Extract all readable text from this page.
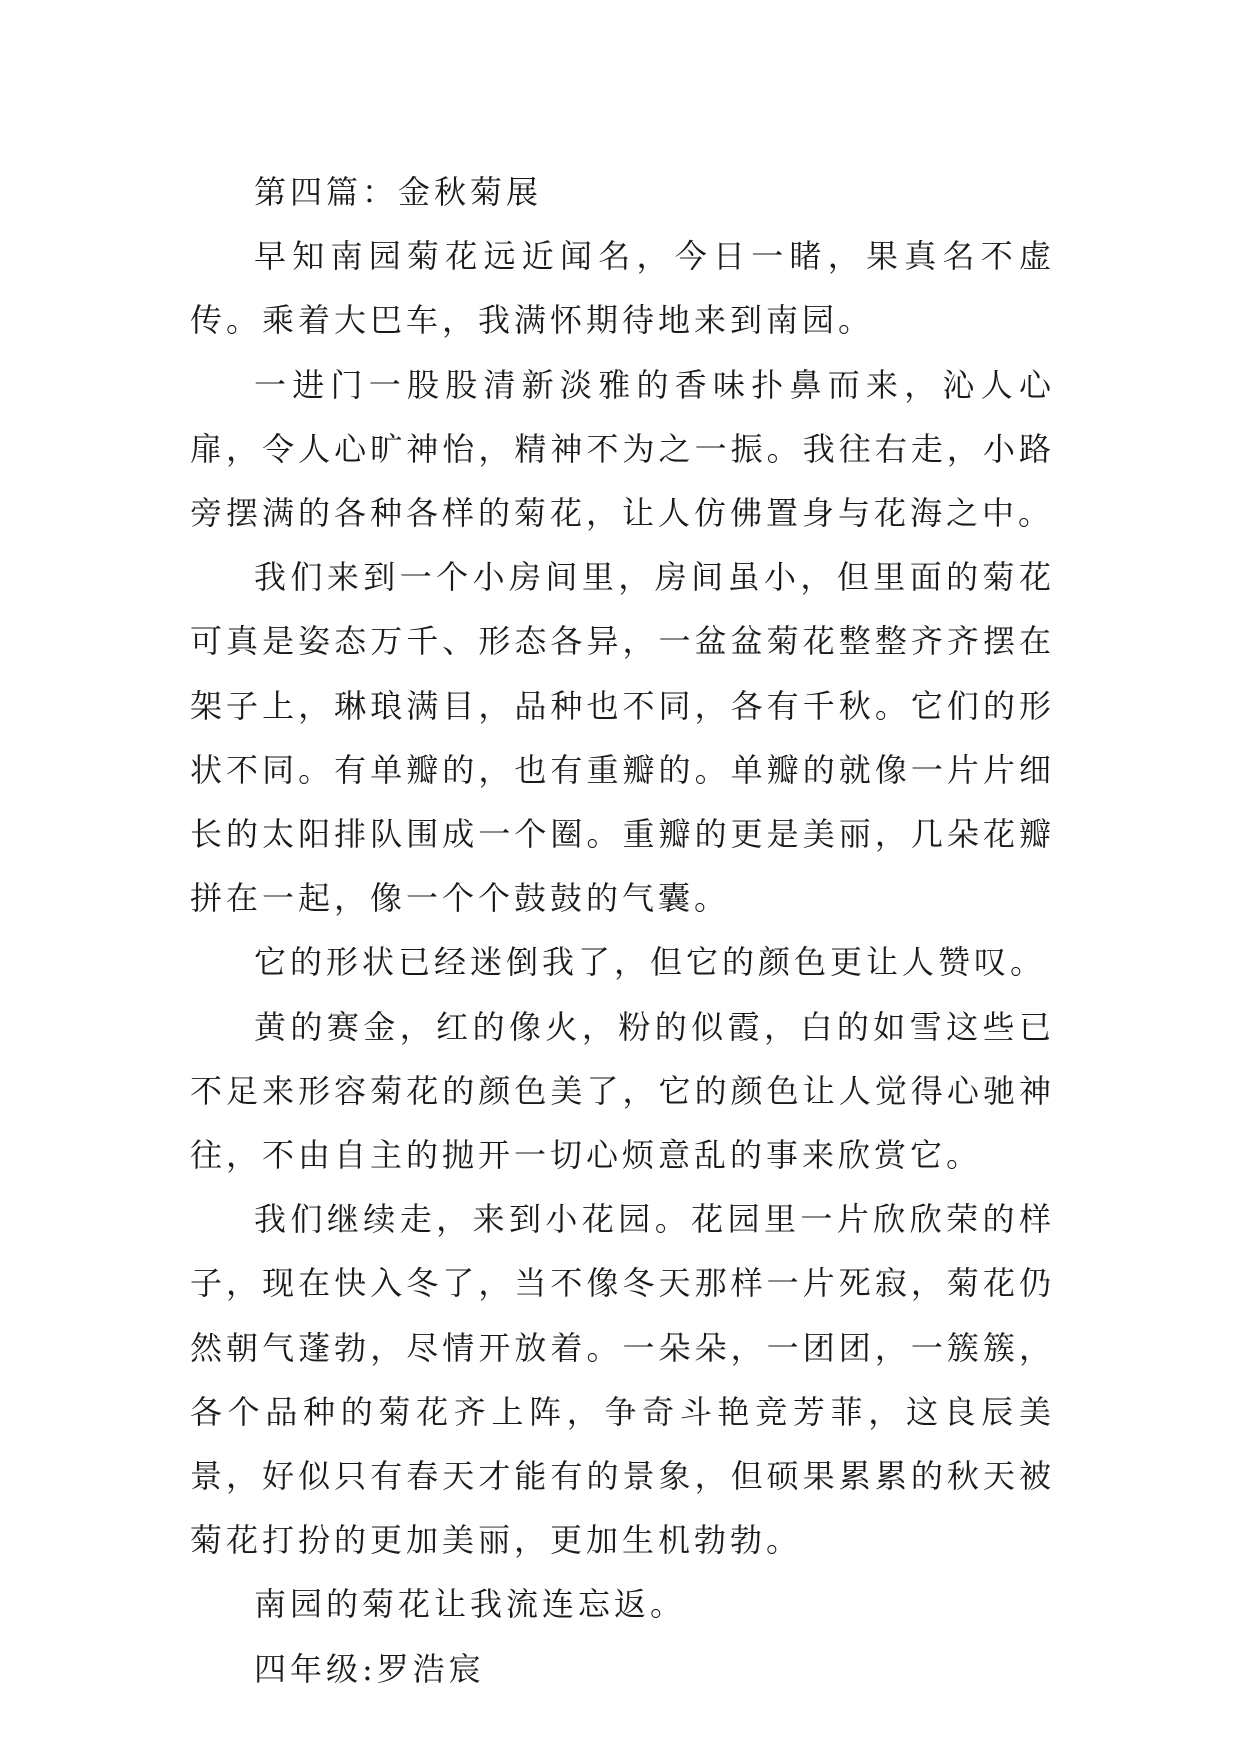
第四篇：金秋菊展

早知南园菊花远近闻名，今日一睹，果真名不虚传。乘着大巴车，我满怀期待地来到南园。

一进门一股股清新淡雅的香味扑鼻而来，沁人心扉，令人心旷神怡，精神不为之一振。我往右走，小路旁摆满的各种各样的菊花，让人仿佛置身与花海之中。

我们来到一个小房间里，房间虽小，但里面的菊花可真是姿态万千、形态各异，一盆盆菊花整整齐齐摆在架子上，琳琅满目，品种也不同，各有千秋。它们的形状不同。有单瓣的，也有重瓣的。单瓣的就像一片片细长的太阳排队围成一个圈。重瓣的更是美丽，几朵花瓣拼在一起，像一个个鼓鼓的气囊。

它的形状已经迷倒我了，但它的颜色更让人赞叹。

黄的赛金，红的像火，粉的似霞，白的如雪这些已不足来形容菊花的颜色美了，它的颜色让人觉得心驰神往，不由自主的抛开一切心烦意乱的事来欣赏它。

我们继续走，来到小花园。花园里一片欣欣荣的样子，现在快入冬了，当不像冬天那样一片死寂，菊花仍然朝气蓬勃，尽情开放着。一朵朵，一团团，一簇簇，各个品种的菊花齐上阵，争奇斗艳竞芳菲，这良辰美景，好似只有春天才能有的景象，但硕果累累的秋天被菊花打扮的更加美丽，更加生机勃勃。

南园的菊花让我流连忘返。

四年级:罗浩宸
